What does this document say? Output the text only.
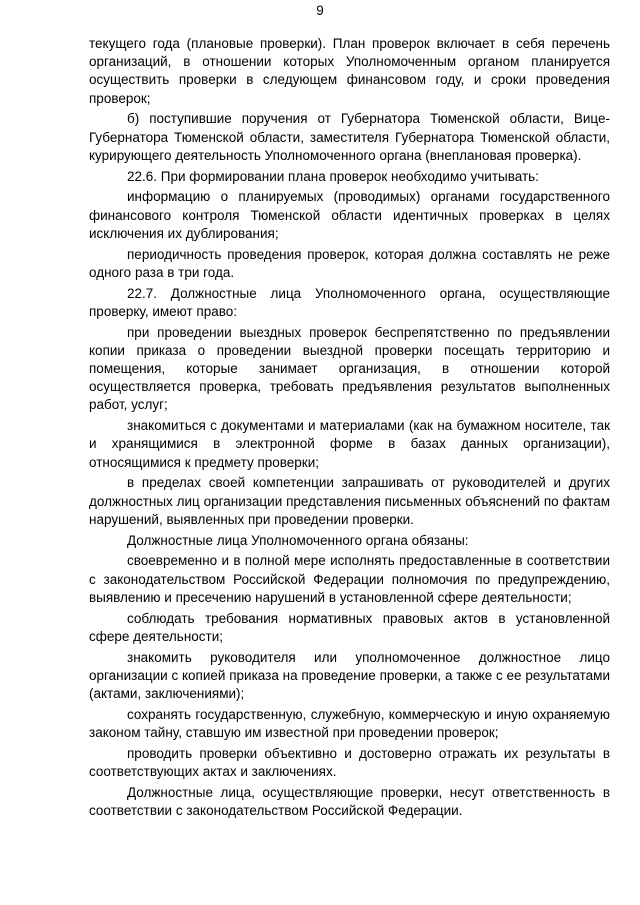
9

текущего года (плановые проверки). План проверок включает в себя перечень организаций, в отношении которых Уполномоченным органом планируется осуществить проверки в следующем финансовом году, и сроки проведения проверок;

б) поступившие поручения от Губернатора Тюменской области, Вице-Губернатора Тюменской области, заместителя Губернатора Тюменской области, курирующего деятельность Уполномоченного органа (внеплановая проверка).

22.6. При формировании плана проверок необходимо учитывать:

информацию о планируемых (проводимых) органами государственного финансового контроля Тюменской области идентичных проверках в целях исключения их дублирования;

периодичность проведения проверок, которая должна составлять не реже одного раза в три года.

22.7. Должностные лица Уполномоченного органа, осуществляющие проверку, имеют право:

при проведении выездных проверок беспрепятственно по предъявлении копии приказа о проведении выездной проверки посещать территорию и помещения, которые занимает организация, в отношении которой осуществляется проверка, требовать предъявления результатов выполненных работ, услуг;

знакомиться с документами и материалами (как на бумажном носителе, так и хранящимися в электронной форме в базах данных организации), относящимися к предмету проверки;

в пределах своей компетенции запрашивать от руководителей и других должностных лиц организации представления письменных объяснений по фактам нарушений, выявленных при проведении проверки.

Должностные лица Уполномоченного органа обязаны:

своевременно и в полной мере исполнять предоставленные в соответствии с законодательством Российской Федерации полномочия по предупреждению, выявлению и пресечению нарушений в установленной сфере деятельности;

соблюдать требования нормативных правовых актов в установленной сфере деятельности;

знакомить руководителя или уполномоченное должностное лицо организации с копией приказа на проведение проверки, а также с ее результатами (актами, заключениями);

сохранять государственную, служебную, коммерческую и иную охраняемую законом тайну, ставшую им известной при проведении проверок;

проводить проверки объективно и достоверно отражать их результаты в соответствующих актах и заключениях.

Должностные лица, осуществляющие проверки, несут ответственность в соответствии с законодательством Российской Федерации.
